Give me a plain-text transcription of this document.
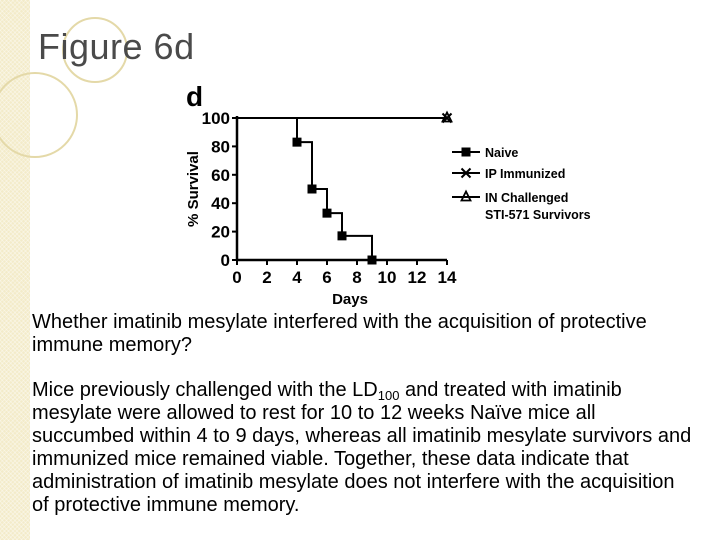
Figure 6d
d
0
20
40
60
80
100
0 2 4 6 8 10 12 14
Days
% Survival	Naive
IP Immunized
IN Challenged
STI-571 Survivors

Whether imatinib mesylate interfered with the acquisition of protective immune memory?

Mice previously challenged with the $LD_{100}$ and treated with imatinib mesylate were allowed to rest for 10 to 12 weeks Naïve mice all succumbed within 4 to 9 days, whereas all imatinib mesylate survivors and immunized mice remained viable. Together, these data indicate that administration of imatinib mesylate does not interfere with the acquisition of protective immune memory.
